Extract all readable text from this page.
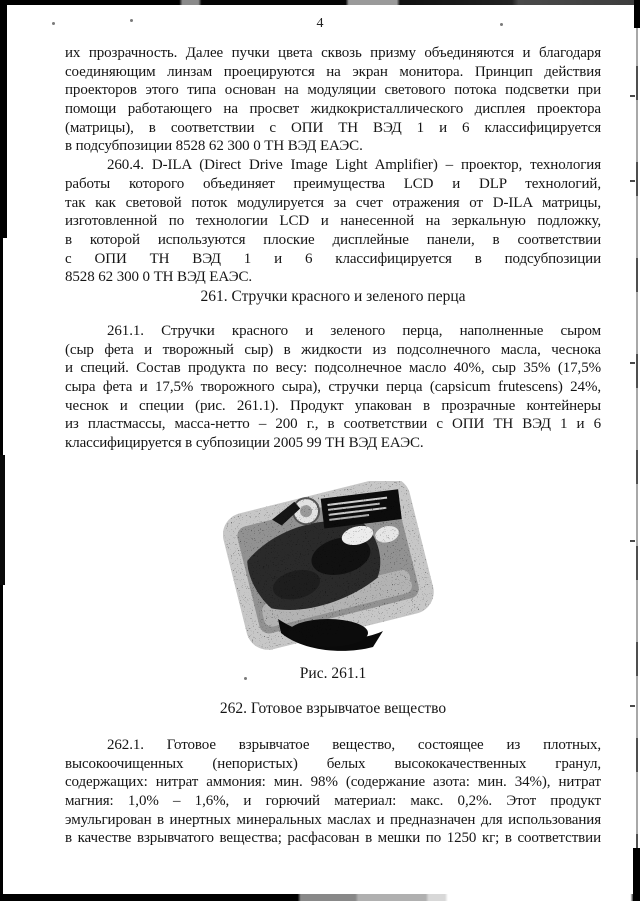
4
их прозрачность. Далее пучки цвета сквозь призму объединяются и благодаря
соединяющим линзам проецируются на экран монитора. Принцип действия
проекторов этого типа основан на модуляции светового потока подсветки при
помощи работающего на просвет жидкокристаллического дисплея проектора
(матрицы), в соответствии с ОПИ ТН ВЭД 1 и 6 классифицируется
в подсубпозиции 8528 62 300 0 ТН ВЭД ЕАЭС.
260.4. D-ILA (Direct Drive Image Light Amplifier) – проектор, технология
работы которого объединяет преимущества LCD и DLP технологий,
так как световой поток модулируется за счет отражения от D-ILA матрицы,
изготовленной по технологии LCD и нанесенной на зеркальную подложку,
в которой используются плоские дисплейные панели, в соответствии
с ОПИ ТН ВЭД 1 и 6 классифицируется в подсубпозиции
8528 62 300 0 ТН ВЭД ЕАЭС.
261. Стручки красного и зеленого перца
261.1. Стручки красного и зеленого перца, наполненные сыром
(сыр фета и творожный сыр) в жидкости из подсолнечного масла, чеснока
и специй. Состав продукта по весу: подсолнечное масло 40%, сыр 35% (17,5%
сыра фета и 17,5% творожного сыра), стручки перца (capsicum frutescens) 24%,
чеснок и специи (рис. 261.1). Продукт упакован в прозрачные контейнеры
из пластмассы, масса-нетто – 200 г., в соответствии с ОПИ ТН ВЭД 1 и 6
классифицируется в субпозиции 2005 99 ТН ВЭД ЕАЭС.
Рис. 261.1
262. Готовое взрывчатое вещество
262.1. Готовое взрывчатое вещество, состоящее из плотных,
высокоочищенных (непористых) белых высококачественных гранул,
содержащих: нитрат аммония: мин. 98% (содержание азота: мин. 34%), нитрат
магния: 1,0% – 1,6%, и горючий материал: макс. 0,2%. Этот продукт
эмульгирован в инертных минеральных маслах и предназначен для использования
в качестве взрывчатого вещества; расфасован в мешки по 1250 кг; в соответствии
